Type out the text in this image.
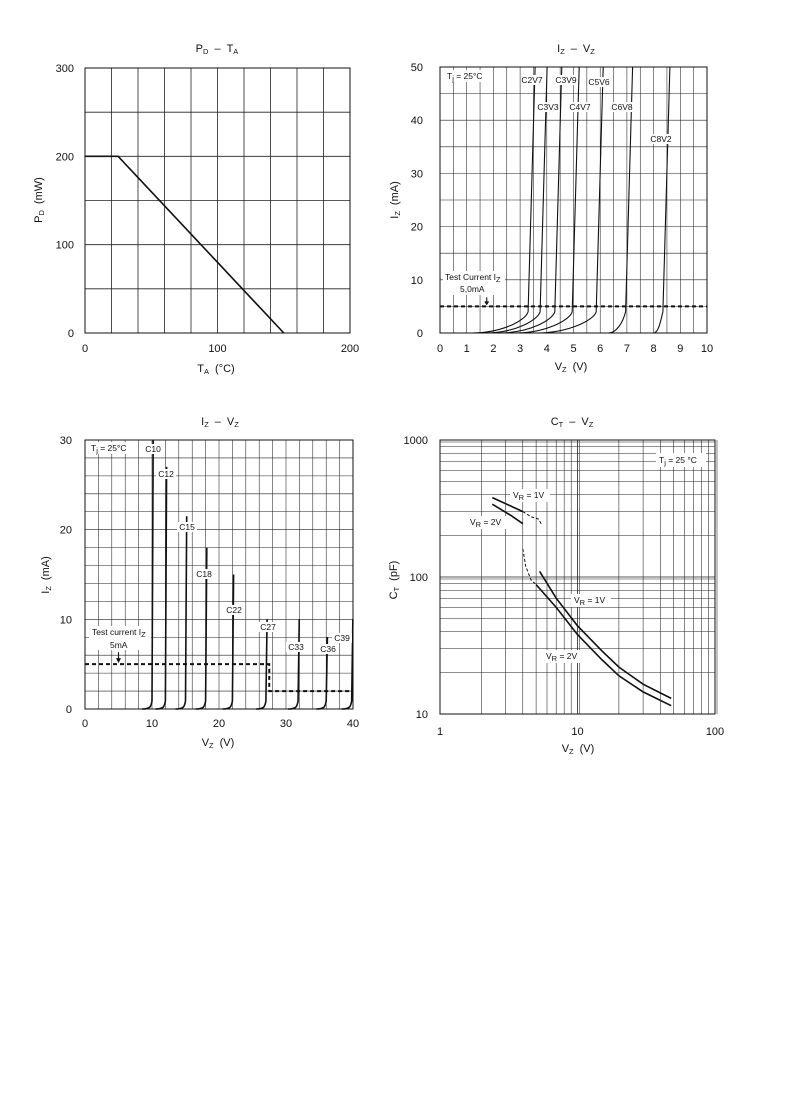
PD – TA
0	100	200
0
100
200
300
TA (°C)
PD(mW)
IZ – VZ
C2V7
C3V3
C3V9
C4V7
C5V6
C6V8
C8V2
0 1 2 3 4 5 6 7 8 9 10
0
10
20
30
40
50
Tj = 25°C
Test Current IZ
5,0mA
VZ (V)
IZ(mA)
IZ – VZ
C10
C12
C15
C18
C22
C27
C33 C36
C39
0	10	20	30	40
0
10
20
30
Tj = 25°C
Test current IZ
5mA
VZ (V)
IZ(mA)
CT – VZ
1	10	100
10
100
1000
Tj = 25 °C
VR = 1V
VR = 2V
VR = 1V
VR = 2V
VZ (V)
CT(pF)
